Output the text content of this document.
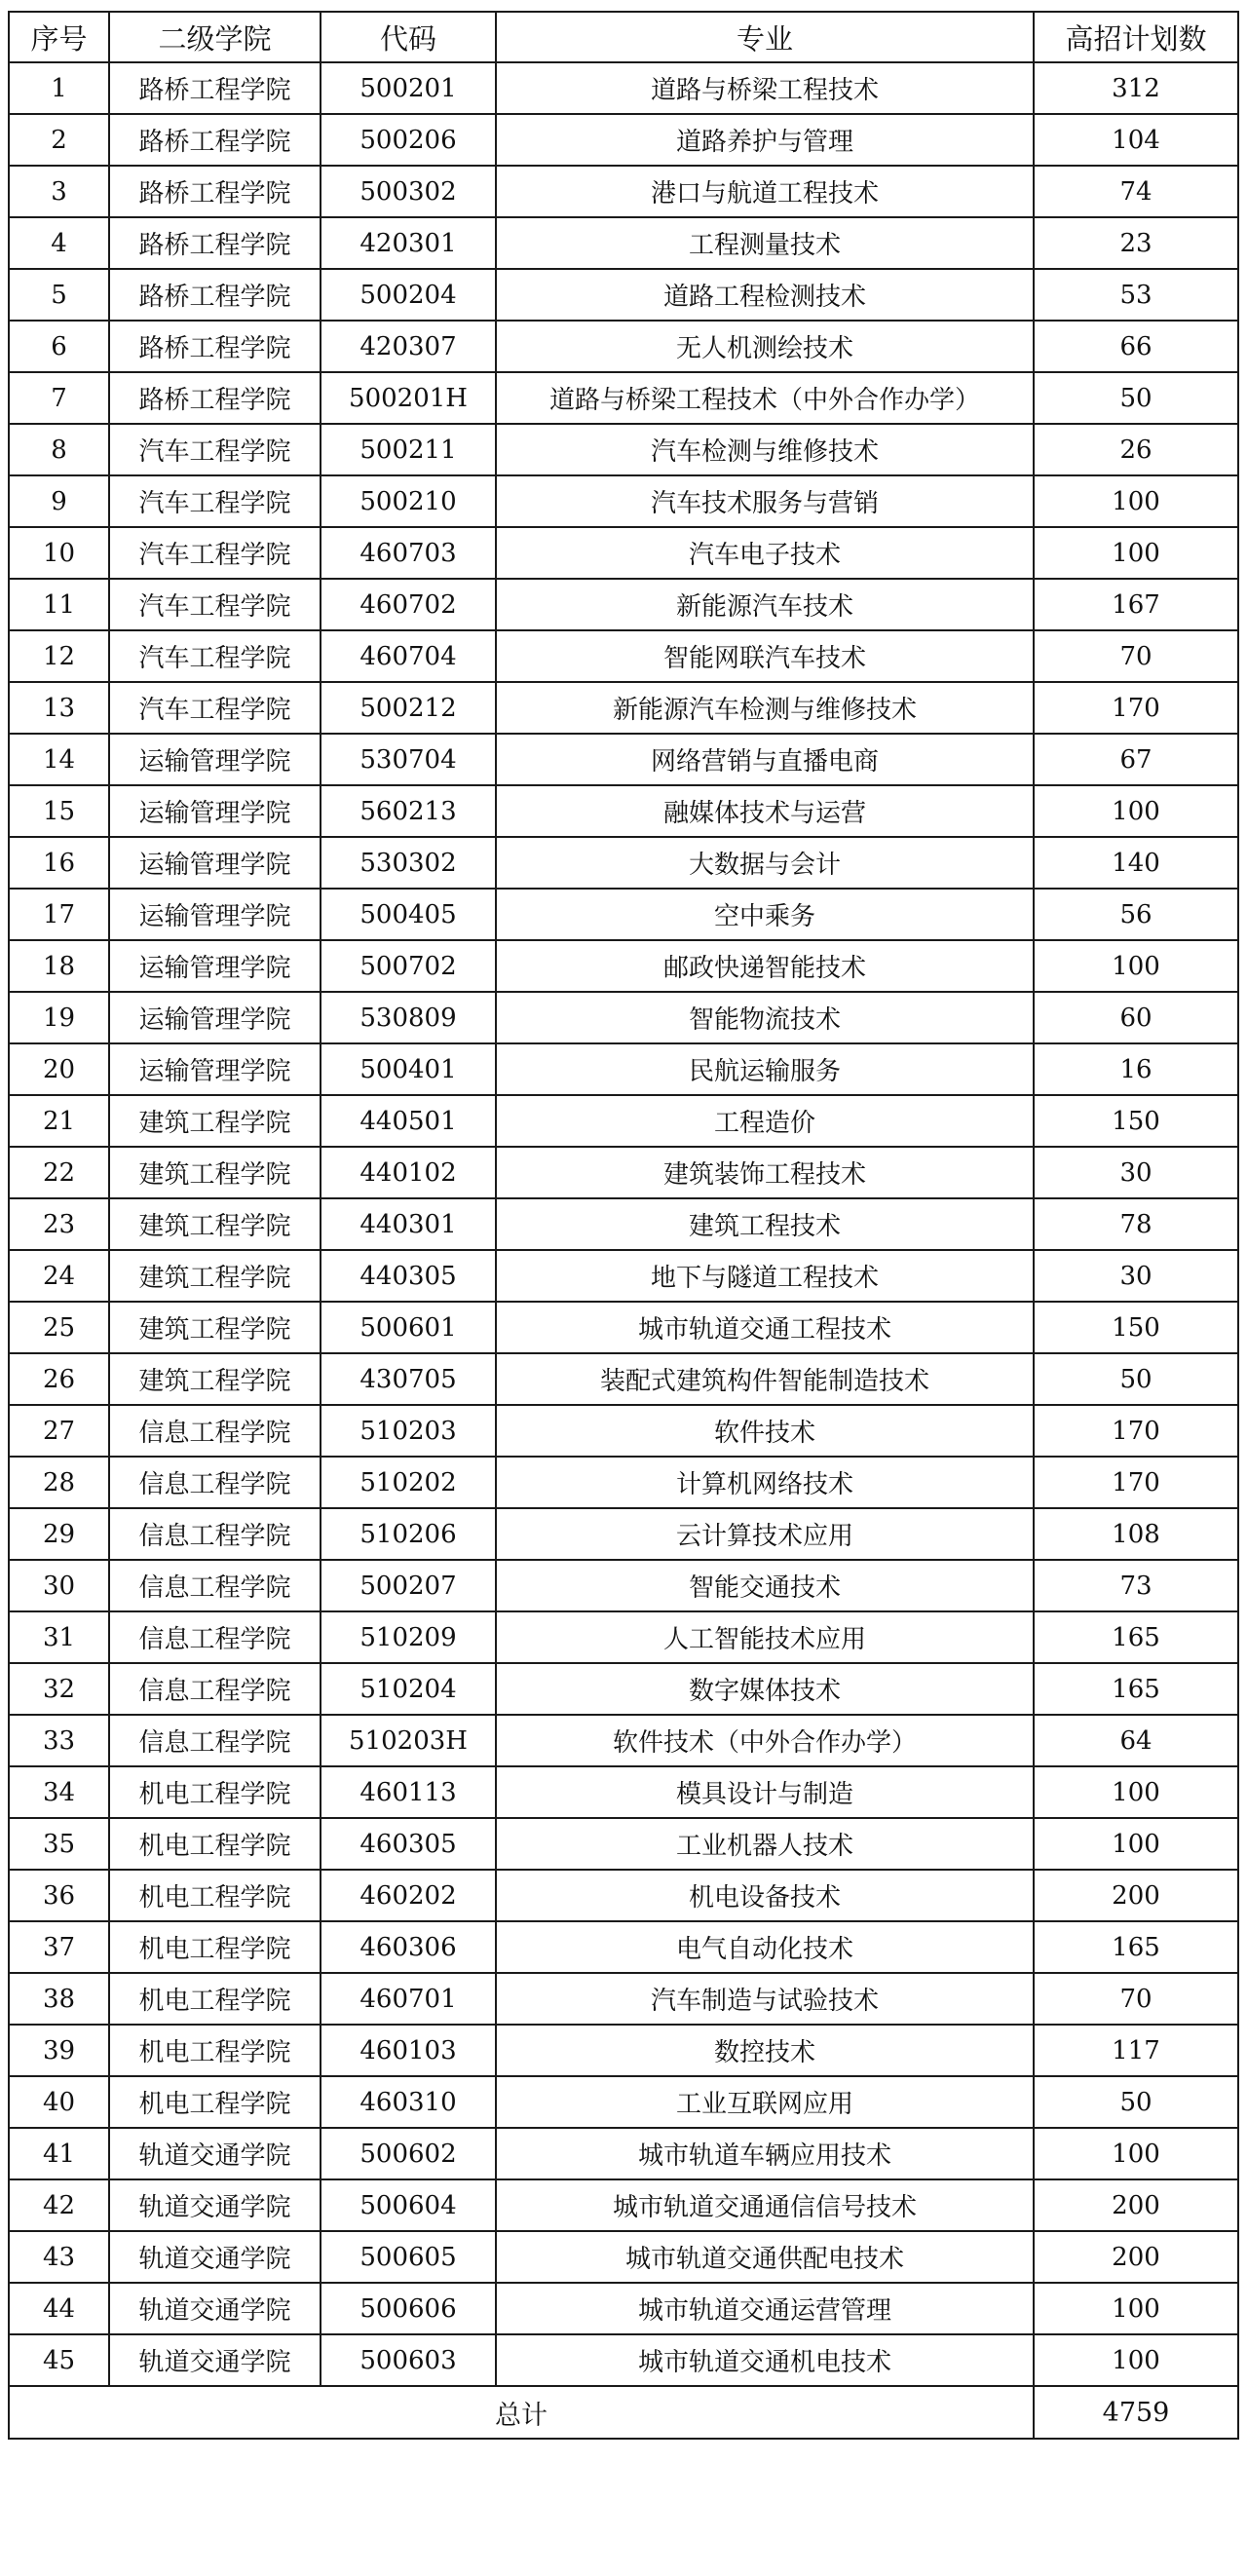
序号	二级学院	代码	专业	高招计划数
1	路桥工程学院	500201	道路与桥梁工程技术	312
2	路桥工程学院	500206	道路养护与管理	104
3	路桥工程学院	500302	港口与航道工程技术	74
4	路桥工程学院	420301	工程测量技术	23
5	路桥工程学院	500204	道路工程检测技术	53
6	路桥工程学院	420307	无人机测绘技术	66
7	路桥工程学院	500201H	道路与桥梁工程技术（中外合作办学）	50
8	汽车工程学院	500211	汽车检测与维修技术	26
9	汽车工程学院	500210	汽车技术服务与营销	100
10	汽车工程学院	460703	汽车电子技术	100
11	汽车工程学院	460702	新能源汽车技术	167
12	汽车工程学院	460704	智能网联汽车技术	70
13	汽车工程学院	500212	新能源汽车检测与维修技术	170
14	运输管理学院	530704	网络营销与直播电商	67
15	运输管理学院	560213	融媒体技术与运营	100
16	运输管理学院	530302	大数据与会计	140
17	运输管理学院	500405	空中乘务	56
18	运输管理学院	500702	邮政快递智能技术	100
19	运输管理学院	530809	智能物流技术	60
20	运输管理学院	500401	民航运输服务	16
21	建筑工程学院	440501	工程造价	150
22	建筑工程学院	440102	建筑装饰工程技术	30
23	建筑工程学院	440301	建筑工程技术	78
24	建筑工程学院	440305	地下与隧道工程技术	30
25	建筑工程学院	500601	城市轨道交通工程技术	150
26	建筑工程学院	430705	装配式建筑构件智能制造技术	50
27	信息工程学院	510203	软件技术	170
28	信息工程学院	510202	计算机网络技术	170
29	信息工程学院	510206	云计算技术应用	108
30	信息工程学院	500207	智能交通技术	73
31	信息工程学院	510209	人工智能技术应用	165
32	信息工程学院	510204	数字媒体技术	165
33	信息工程学院	510203H	软件技术（中外合作办学）	64
34	机电工程学院	460113	模具设计与制造	100
35	机电工程学院	460305	工业机器人技术	100
36	机电工程学院	460202	机电设备技术	200
37	机电工程学院	460306	电气自动化技术	165
38	机电工程学院	460701	汽车制造与试验技术	70
39	机电工程学院	460103	数控技术	117
40	机电工程学院	460310	工业互联网应用	50
41	轨道交通学院	500602	城市轨道车辆应用技术	100
42	轨道交通学院	500604	城市轨道交通通信信号技术	200
43	轨道交通学院	500605	城市轨道交通供配电技术	200
44	轨道交通学院	500606	城市轨道交通运营管理	100
45	轨道交通学院	500603	城市轨道交通机电技术	100
总计				4759
